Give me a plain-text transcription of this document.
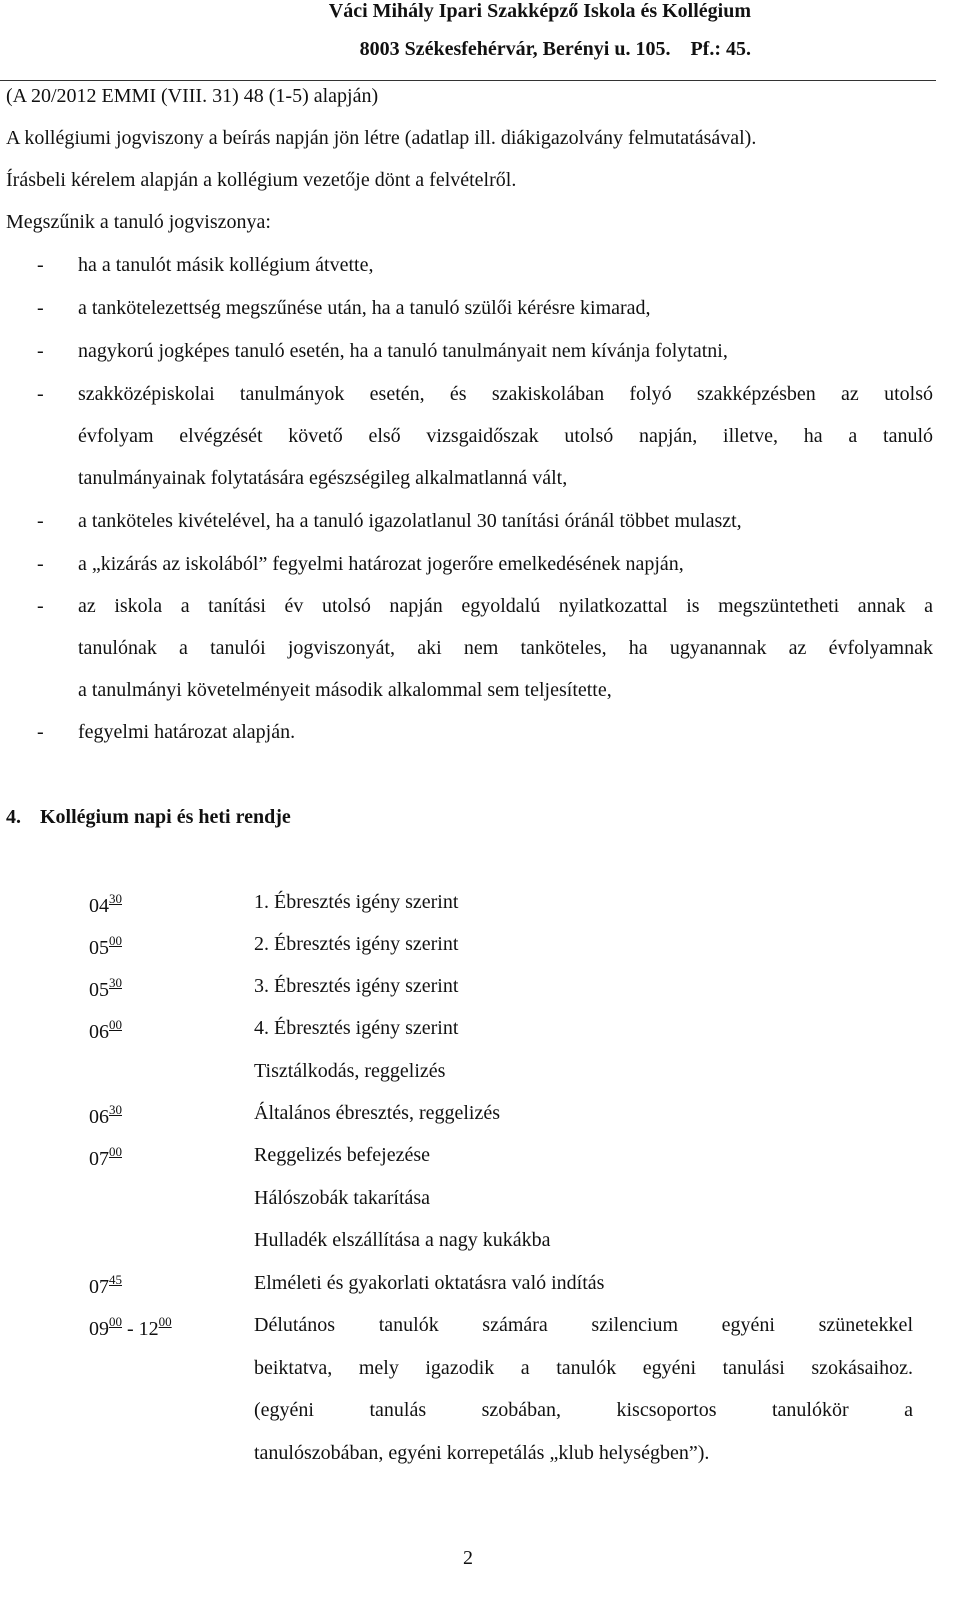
Váci Mihály Ipari Szakképző Iskola és Kollégium
8003 Székesfehérvár, Berényi u. 105.    Pf.: 45.
(A 20/2012 EMMI (VIII. 31) 48 (1-5) alapján)
A kollégiumi jogviszony a beírás napján jön létre (adatlap ill. diákigazolvány felmutatásával).
Írásbeli kérelem alapján a kollégium vezetője dönt a felvételről.
Megszűnik a tanuló jogviszonya:
- ha a tanulót másik kollégium átvette,
- a tankötelezettség megszűnése után, ha a tanuló szülői kérésre kimarad,
- nagykorú jogképes tanuló esetén, ha a tanuló tanulmányait nem kívánja folytatni,
- szakközépiskolai tanulmányok esetén, és szakiskolában folyó szakképzésben az utolsó
évfolyam elvégzését követő első vizsgaidőszak utolsó napján, illetve, ha a tanuló
tanulmányainak folytatására egészségileg alkalmatlanná vált,
- a tanköteles kivételével, ha a tanuló igazolatlanul 30 tanítási óránál többet mulaszt,
- a „kizárás az iskolából” fegyelmi határozat jogerőre emelkedésének napján,
- az iskola a tanítási év utolsó napján egyoldalú nyilatkozattal is megszüntetheti annak a
tanulónak a tanulói jogviszonyát, aki nem tanköteles, ha ugyanannak az évfolyamnak
a tanulmányi követelményeit második alkalommal sem teljesítette,
- fegyelmi határozat alapján.
4. Kollégium napi és heti rendje
$04^{30}$	1. Ébresztés igény szerint
$05^{00}$	2. Ébresztés igény szerint
$05^{30}$	3. Ébresztés igény szerint
$06^{00}$	4. Ébresztés igény szerint
Tisztálkodás, reggelizés
$06^{30}$	Általános ébresztés, reggelizés
$07^{00}$	Reggelizés befejezése
Hálószobák takarítása
Hulladék elszállítása a nagy kukákba
$07^{45}$	Elméleti és gyakorlati oktatásra való indítás
$09^{00} - 12^{00}$	Délutános tanulók számára szilencium egyéni szünetekkel
beiktatva, mely igazodik a tanulók egyéni tanulási szokásaihoz.
(egyéni tanulás szobában, kiscsoportos tanulókör a
tanulószobában, egyéni korrepetálás „klub helységben”).
2
